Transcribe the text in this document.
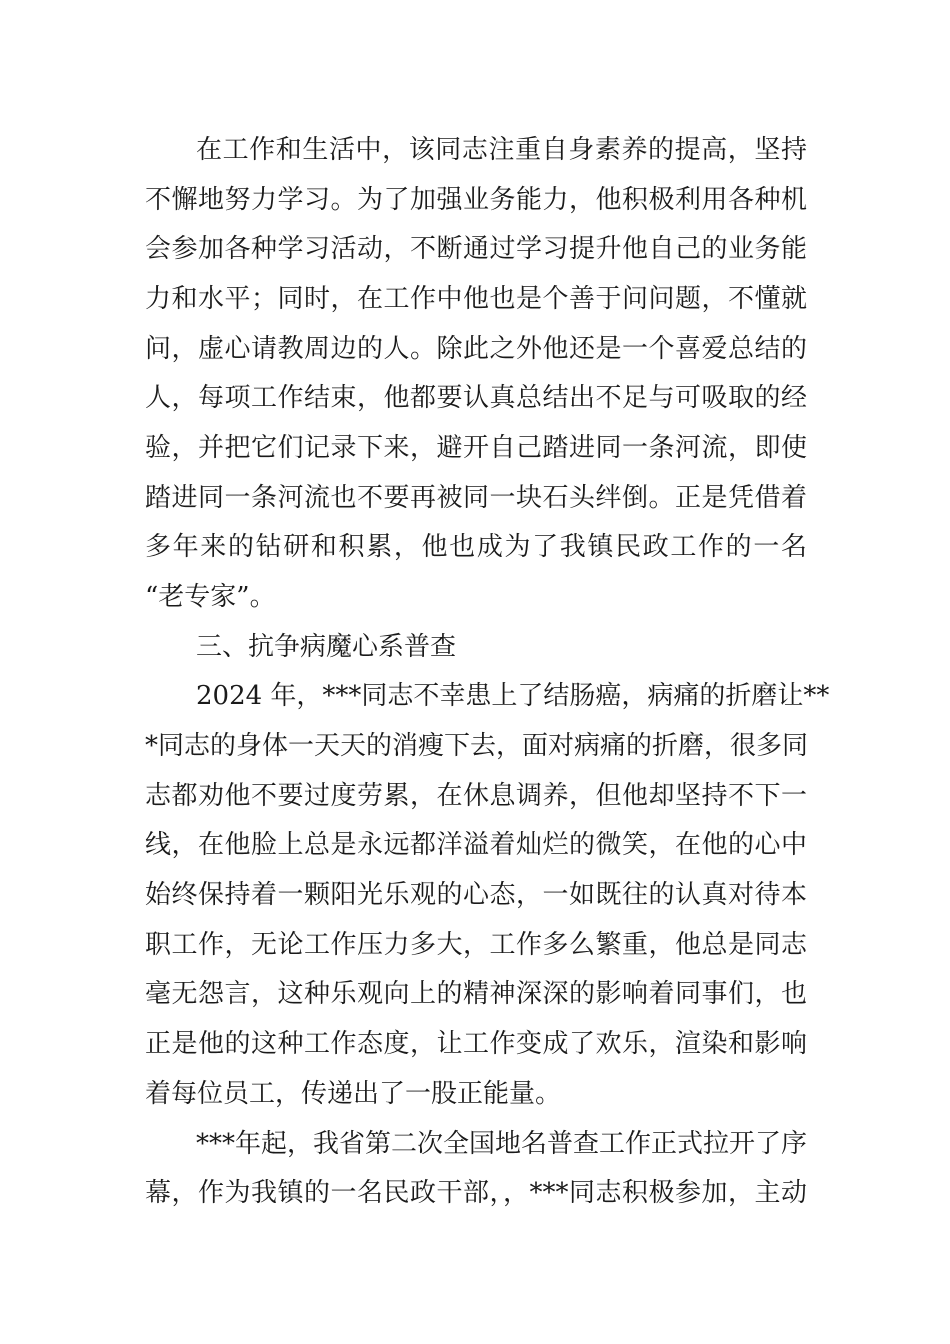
在工作和生活中，该同志注重自身素养的提高，坚持
不懈地努力学习。为了加强业务能力，他积极利用各种机
会参加各种学习活动，不断通过学习提升他自己的业务能
力和水平；同时，在工作中他也是个善于问问题，不懂就
问，虚心请教周边的人。除此之外他还是一个喜爱总结的
人，每项工作结束，他都要认真总结出不足与可吸取的经
验，并把它们记录下来，避开自己踏进同一条河流，即使
踏进同一条河流也不要再被同一块石头绊倒。正是凭借着
多年来的钻研和积累，他也成为了我镇民政工作的一名
“老专家”。
三、抗争病魔心系普查
2024 年，***同志不幸患上了结肠癌，病痛的折磨让**
*同志的身体一天天的消瘦下去，面对病痛的折磨，很多同
志都劝他不要过度劳累，在休息调养，但他却坚持不下一
线，在他脸上总是永远都洋溢着灿烂的微笑，在他的心中
始终保持着一颗阳光乐观的心态，一如既往的认真对待本
职工作，无论工作压力多大，工作多么繁重，他总是同志
毫无怨言，这种乐观向上的精神深深的影响着同事们，也
正是他的这种工作态度，让工作变成了欢乐，渲染和影响
着每位员工，传递出了一股正能量。
***年起，我省第二次全国地名普查工作正式拉开了序
幕，作为我镇的一名民政干部，，***同志积极参加，主动
